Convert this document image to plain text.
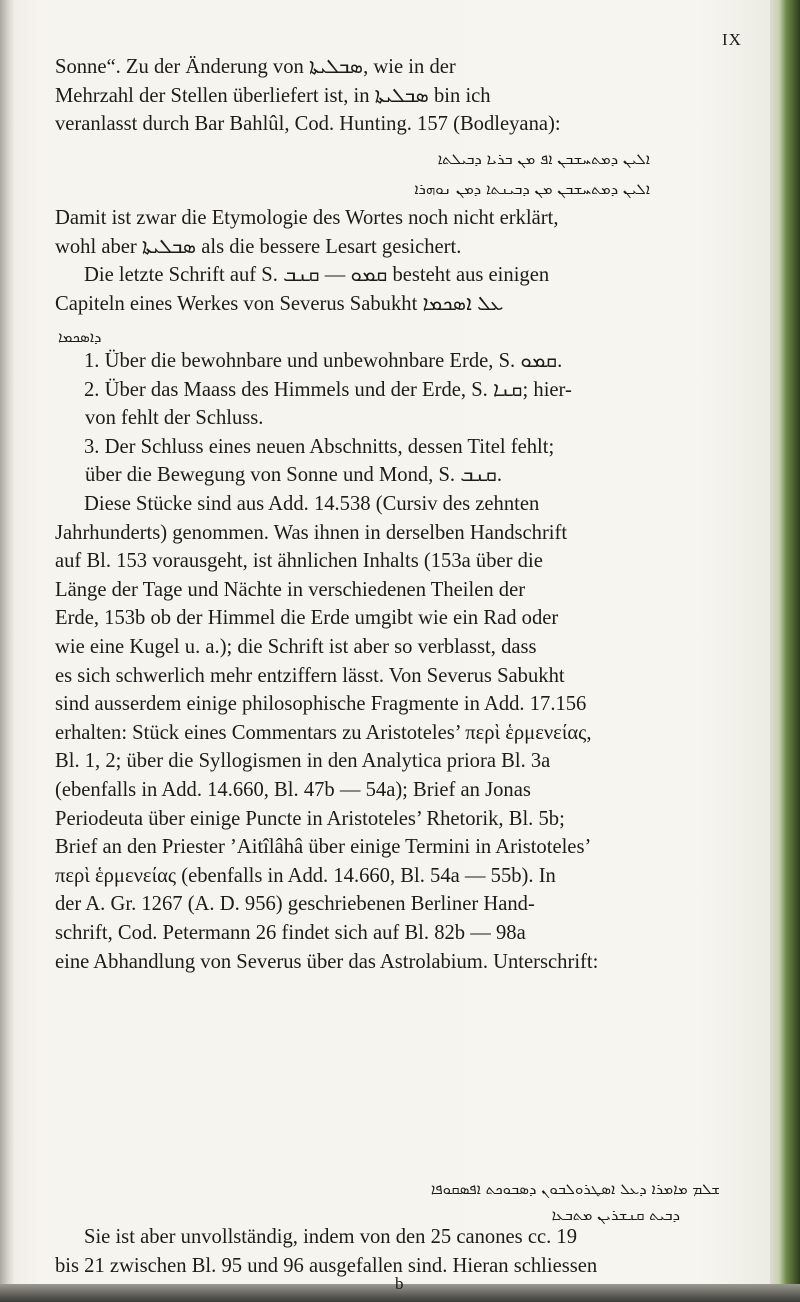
IX
Sonne“. Zu der Änderung von ܣܒܠܝܬܐ, wie in der
Mehrzahl der Stellen überliefert ist, in ܣܒܠܝܬܐ bin ich
veranlasst durch Bar Bahlûl, Cod. Hunting. 157 (Bodleyana):
ܐܠܝܢ ܕܡܬܚܫܒܢ ܐܦ ܡܢ ܒܪܝܐ ܕܒܝܠܬܐ
ܐܠܝܢ ܕܡܬܚܫܒܢ ܡܢ ܕܒܝܢܬܐ ܕܡܢ ܢܘܗܪܐ
Damit ist zwar die Etymologie des Wortes noch nicht erklärt,
wohl aber ܣܒܠܝܬܐ als die bessere Lesart gesichert.
Die letzte Schrift auf S. ܩܡܘ — ܩܢܒ besteht aus einigen
Capiteln eines Werkes von Severus Sabukht ܥܠ ܐܣܟܡܐ
ܕܐܣܟܡܐ
1. Über die bewohnbare und unbewohnbare Erde, S. ܩܡܘ.
2. Über das Maass des Himmels und der Erde, S. ܩܢܐ; hier-
von fehlt der Schluss.
3. Der Schluss eines neuen Abschnitts, dessen Titel fehlt;
über die Bewegung von Sonne und Mond, S. ܩܢܒ.
Diese Stücke sind aus Add. 14.538 (Cursiv des zehnten
Jahrhunderts) genommen. Was ihnen in derselben Handschrift
auf Bl. 153 vorausgeht, ist ähnlichen Inhalts (153a über die
Länge der Tage und Nächte in verschiedenen Theilen der
Erde, 153b ob der Himmel die Erde umgibt wie ein Rad oder
wie eine Kugel u. a.); die Schrift ist aber so verblasst, dass
es sich schwerlich mehr entziffern lässt. Von Severus Sabukht
sind ausserdem einige philosophische Fragmente in Add. 17.156
erhalten: Stück eines Commentars zu Aristoteles’ περὶ ἑρμενείας,
Bl. 1, 2; über die Syllogismen in den Analytica priora Bl. 3a
(ebenfalls in Add. 14.660, Bl. 47b — 54a); Brief an Jonas
Periodeuta über einige Puncte in Aristoteles’ Rhetorik, Bl. 5b;
Brief an den Priester ’Aitîlâhâ über einige Termini in Aristoteles’
περὶ ἑρμενείας (ebenfalls in Add. 14.660, Bl. 54a — 55b). In
der A. Gr. 1267 (A. D. 956) geschriebenen Berliner Hand-
schrift, Cod. Petermann 26 findet sich auf Bl. 82b — 98a
eine Abhandlung von Severus über das Astrolabium. Unterschrift:
ܫܠܡ ܡܐܡܪܐ ܕܥܠ ܐܣܛܪܘܠܒܘܢ ܕܣܒܘܟܬ ܐܦܣܩܘܦܐ
ܕܒܝܬ ܩܢܫܪܝܢ ܡܬܒܥܐ
Sie ist aber unvollständig, indem von den 25 canones cc. 19
bis 21 zwischen Bl. 95 und 96 ausgefallen sind. Hieran schliessen
b
